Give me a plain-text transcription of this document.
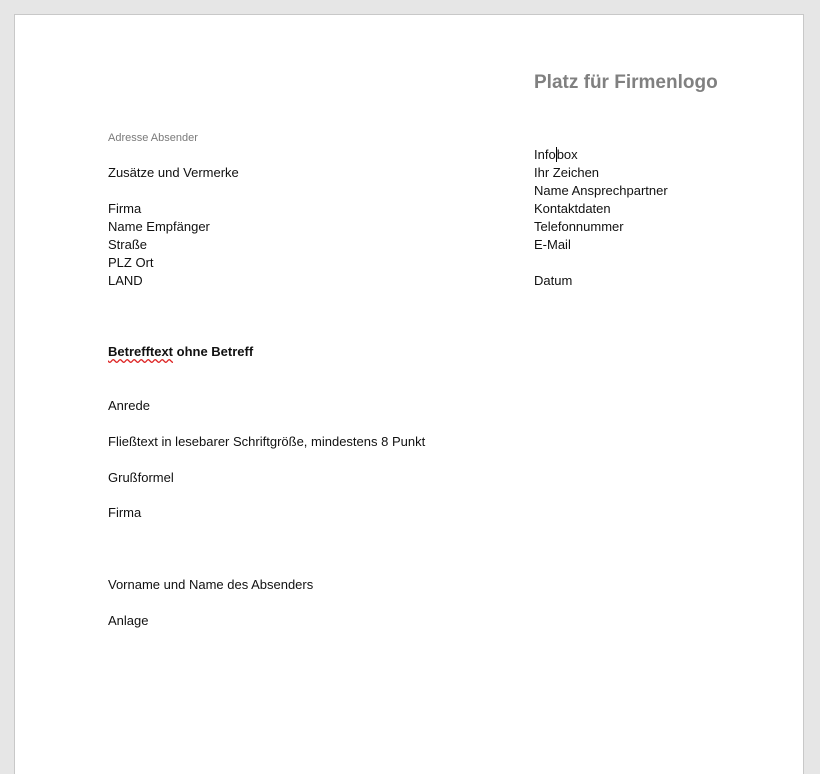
Platz für Firmenlogo
Adresse Absender
Zusätze und Vermerke
Firma
Name Empfänger
Straße
PLZ Ort
LAND
Infobox
Ihr Zeichen
Name Ansprechpartner
Kontaktdaten
Telefonnummer
E-Mail
Datum
Betrefftext ohne Betreff
Anrede
Fließtext in lesebarer Schriftgröße, mindestens 8 Punkt
Grußformel
Firma
Vorname und Name des Absenders
Anlage
